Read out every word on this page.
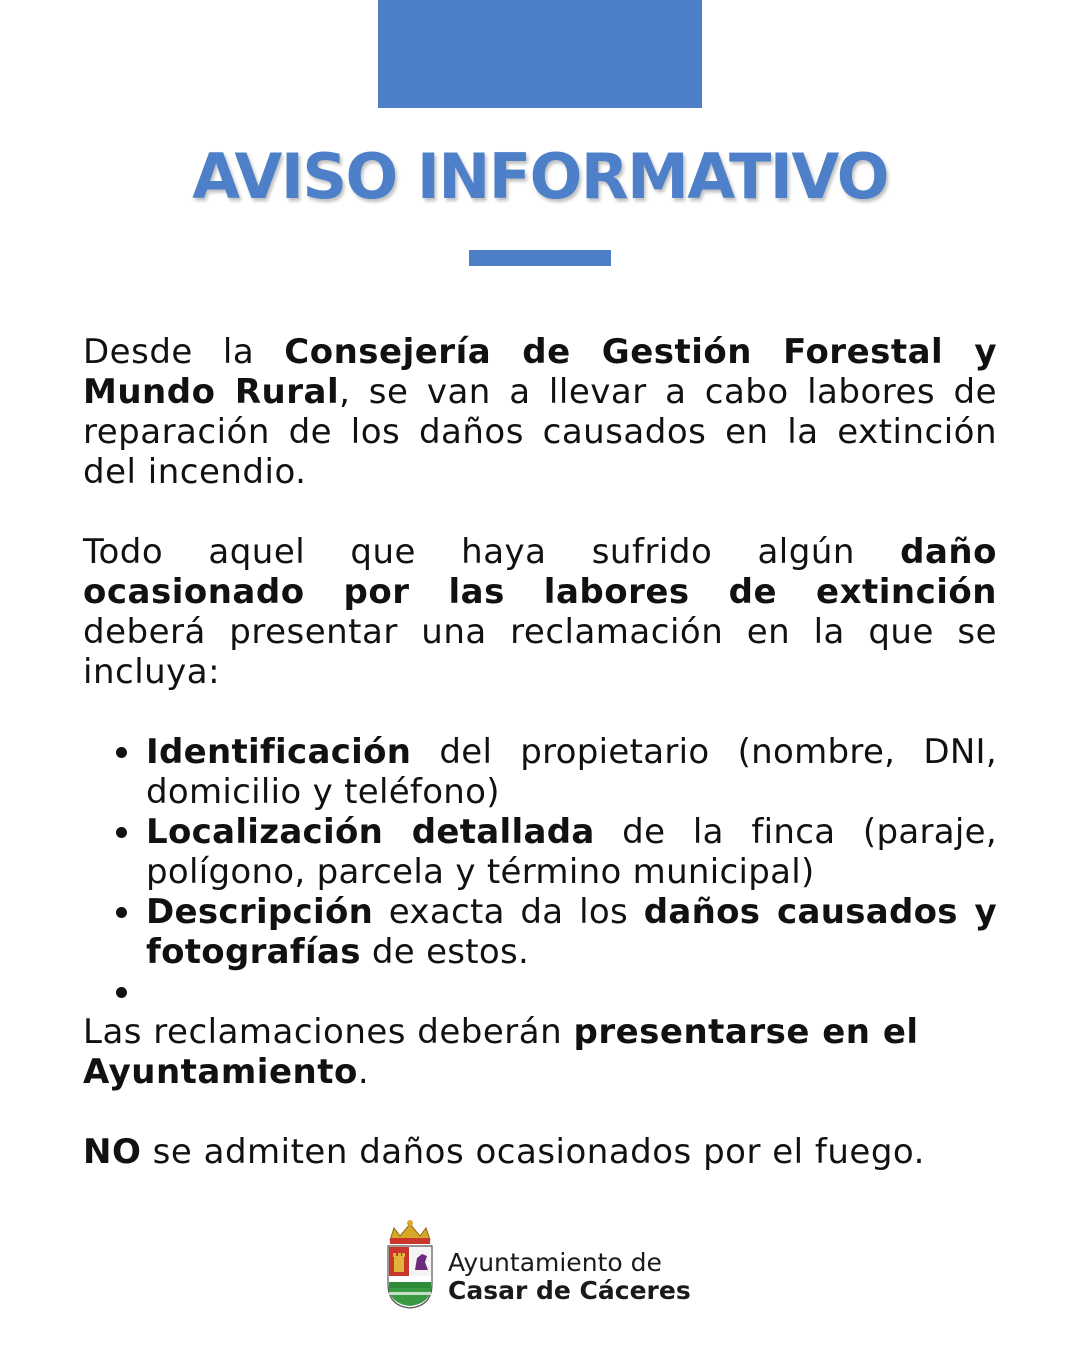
AVISO INFORMATIVO
Desde la Consejería de Gestión Forestal y Mundo Rural, se van a llevar a cabo labores de reparación de los daños causados en la extinción del incendio.
Todo aquel que haya sufrido algún daño ocasionado por las labores de extinción deberá presentar una reclamación en la que se incluya:
Identificación del propietario (nombre, DNI, domicilio y teléfono)
Localización detallada de la finca (paraje, polígono, parcela y término municipal)
Descripción exacta da los daños causados y fotografías de estos.
Las reclamaciones deberán presentarse en el Ayuntamiento.
NO se admiten daños ocasionados por el fuego.
Ayuntamiento de
Casar de Cáceres
